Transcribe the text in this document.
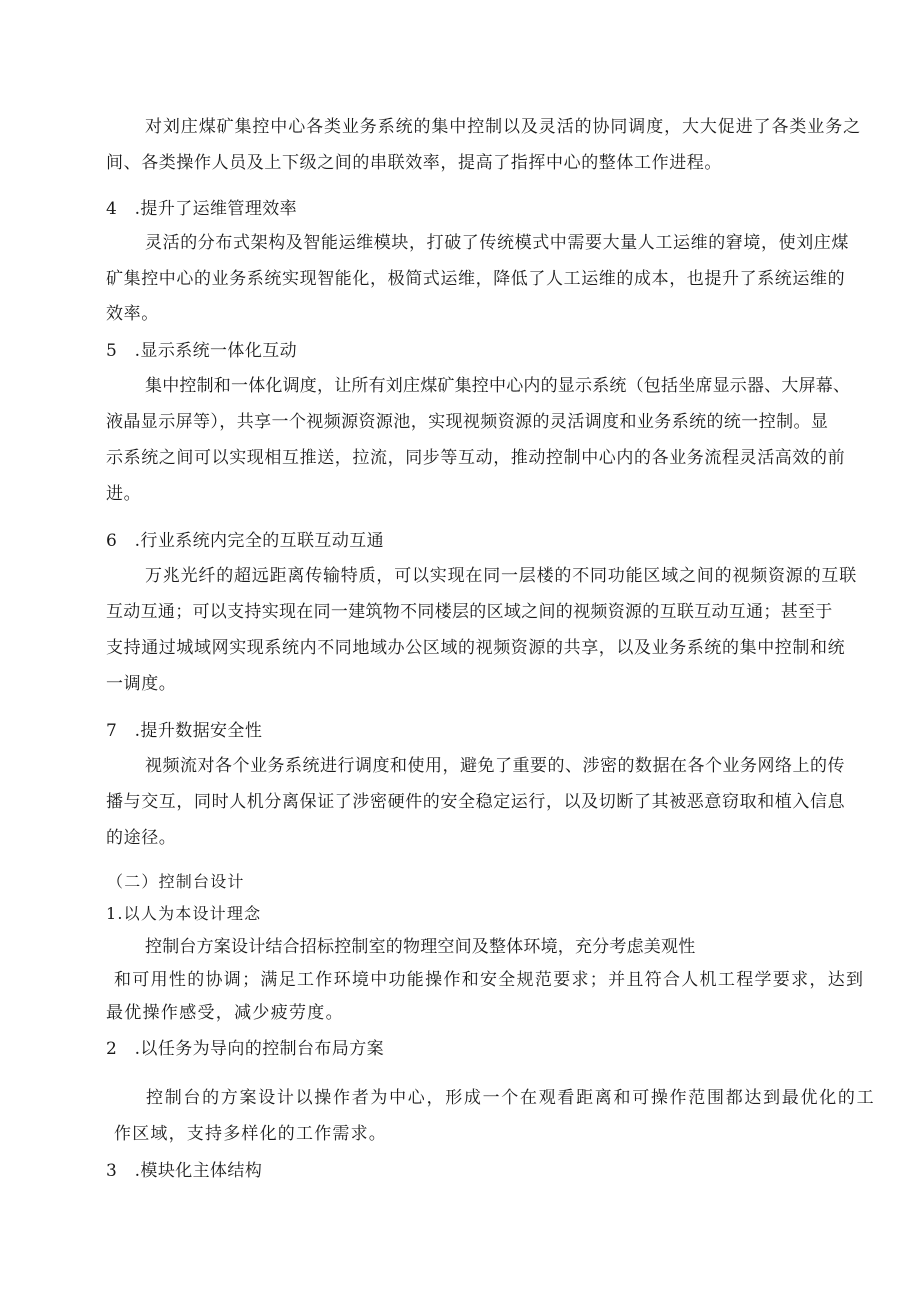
对刘庄煤矿集控中心各类业务系统的集中控制以及灵活的协同调度，大大促进了各类业务之
间、各类操作人员及上下级之间的串联效率，提高了指挥中心的整体工作进程。
4　.提升了运维管理效率
灵活的分布式架构及智能运维模块，打破了传统模式中需要大量人工运维的窘境，使刘庄煤
矿集控中心的业务系统实现智能化，极简式运维，降低了人工运维的成本，也提升了系统运维的
效率。
5　.显示系统一体化互动
集中控制和一体化调度，让所有刘庄煤矿集控中心内的显示系统（包括坐席显示器、大屏幕、
液晶显示屏等），共享一个视频源资源池，实现视频资源的灵活调度和业务系统的统一控制。显
示系统之间可以实现相互推送，拉流，同步等互动，推动控制中心内的各业务流程灵活高效的前
进。
6　.行业系统内完全的互联互动互通
万兆光纤的超远距离传输特质，可以实现在同一层楼的不同功能区域之间的视频资源的互联
互动互通；可以支持实现在同一建筑物不同楼层的区域之间的视频资源的互联互动互通；甚至于
支持通过城域网实现系统内不同地域办公区域的视频资源的共享，以及业务系统的集中控制和统
一调度。
7　.提升数据安全性
视频流对各个业务系统进行调度和使用，避免了重要的、涉密的数据在各个业务网络上的传
播与交互，同时人机分离保证了涉密硬件的安全稳定运行，以及切断了其被恶意窃取和植入信息
的途径。
（二）控制台设计
1.以人为本设计理念
控制台方案设计结合招标控制室的物理空间及整体环境，充分考虑美观性
和可用性的协调；满足工作环境中功能操作和安全规范要求；并且符合人机工程学要求，达到
最优操作感受，减少疲劳度。
2　.以任务为导向的控制台布局方案
控制台的方案设计以操作者为中心，形成一个在观看距离和可操作范围都达到最优化的工
作区域，支持多样化的工作需求。
3　.模块化主体结构
